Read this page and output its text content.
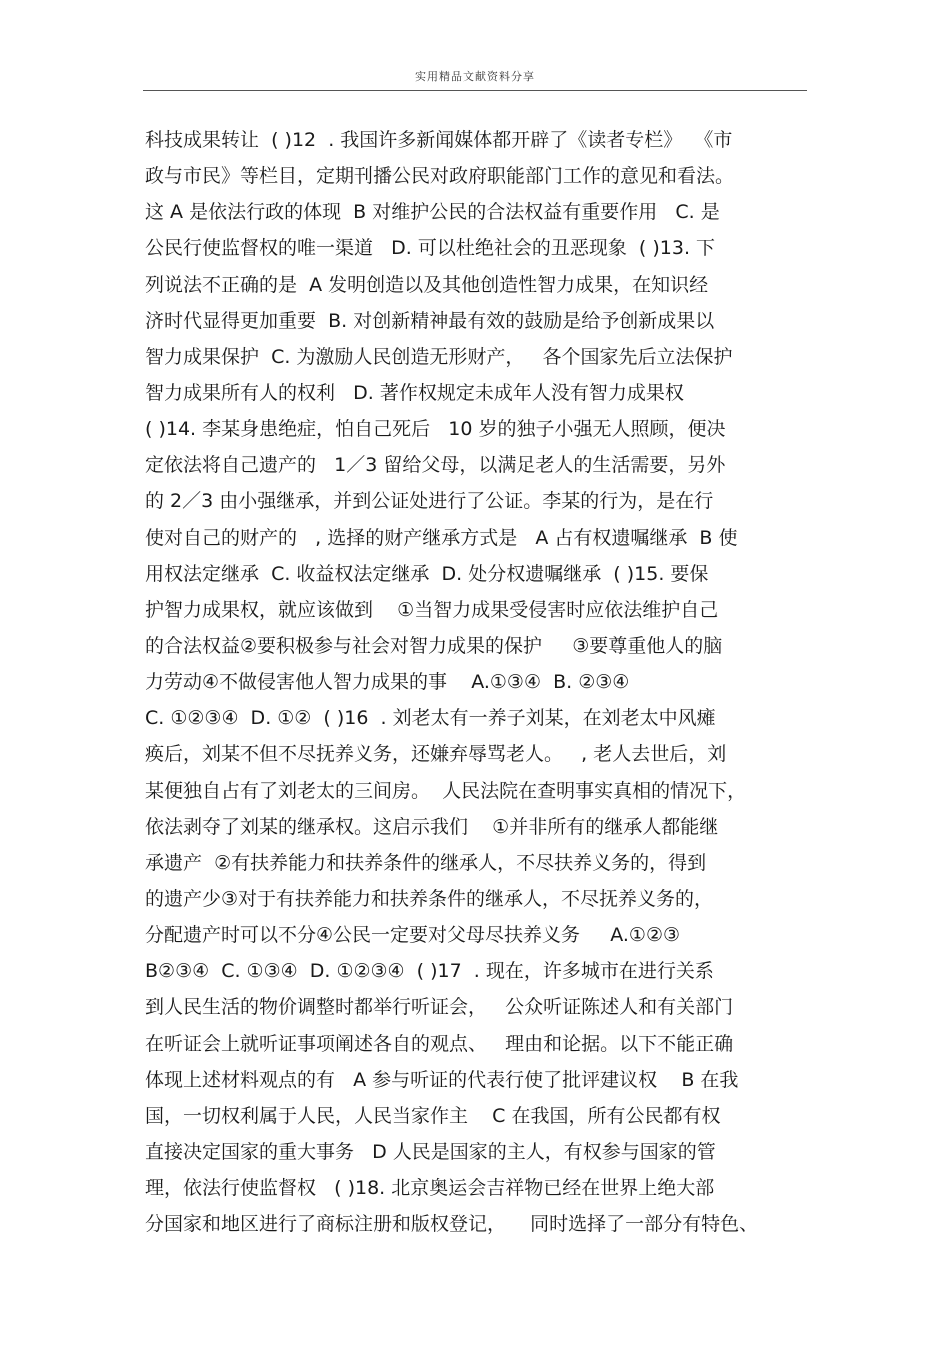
实用精品文献资料分享
科技成果转让  ( )12  . 我国许多新闻媒体都开辟了《读者专栏》  《市
政与市民》等栏目，定期刊播公民对政府职能部门工作的意见和看法。
这 A 是依法行政的体现  B 对维护公民的合法权益有重要作用   C. 是
公民行使监督权的唯一渠道   D. 可以杜绝社会的丑恶现象  ( )13. 下
列说法不正确的是  A 发明创造以及其他创造性智力成果，在知识经
济时代显得更加重要  B. 对创新精神最有效的鼓励是给予创新成果以
智力成果保护  C. 为激励人民创造无形财产，   各个国家先后立法保护
智力成果所有人的权利   D. 著作权规定未成年人没有智力成果权
( )14. 李某身患绝症，怕自己死后   10 岁的独子小强无人照顾，便决
定依法将自己遗产的   1／3 留给父母，以满足老人的生活需要，另外
的 2／3 由小强继承，并到公证处进行了公证。李某的行为，是在行
使对自己的财产的   , 选择的财产继承方式是   A 占有权遗嘱继承  B 使
用权法定继承  C. 收益权法定继承  D. 处分权遗嘱继承  ( )15. 要保
护智力成果权，就应该做到    ①当智力成果受侵害时应依法维护自己
的合法权益②要积极参与社会对智力成果的保护     ③要尊重他人的脑
力劳动④不做侵害他人智力成果的事    A.①③④  B. ②③④
C. ①②③④  D. ①②  ( )16  . 刘老太有一养子刘某，在刘老太中风瘫
痪后，刘某不但不尽抚养义务，还嫌弃辱骂老人。   , 老人去世后，刘
某便独自占有了刘老太的三间房。  人民法院在查明事实真相的情况下，
依法剥夺了刘某的继承权。这启示我们    ①并非所有的继承人都能继
承遗产  ②有扶养能力和扶养条件的继承人，不尽扶养义务的，得到
的遗产少③对于有扶养能力和扶养条件的继承人，不尽抚养义务的，
分配遗产时可以不分④公民一定要对父母尽扶养义务     A.①②③
B②③④  C. ①③④  D. ①②③④  ( )17  . 现在，许多城市在进行关系
到人民生活的物价调整时都举行听证会，   公众听证陈述人和有关部门
在听证会上就听证事项阐述各自的观点、   理由和论据。以下不能正确
体现上述材料观点的有   A 参与听证的代表行使了批评建议权    B 在我
国，一切权利属于人民，人民当家作主    C 在我国，所有公民都有权
直接决定国家的重大事务   D 人民是国家的主人，有权参与国家的管
理，依法行使监督权   ( )18. 北京奥运会吉祥物已经在世界上绝大部
分国家和地区进行了商标注册和版权登记，    同时选择了一部分有特色、
